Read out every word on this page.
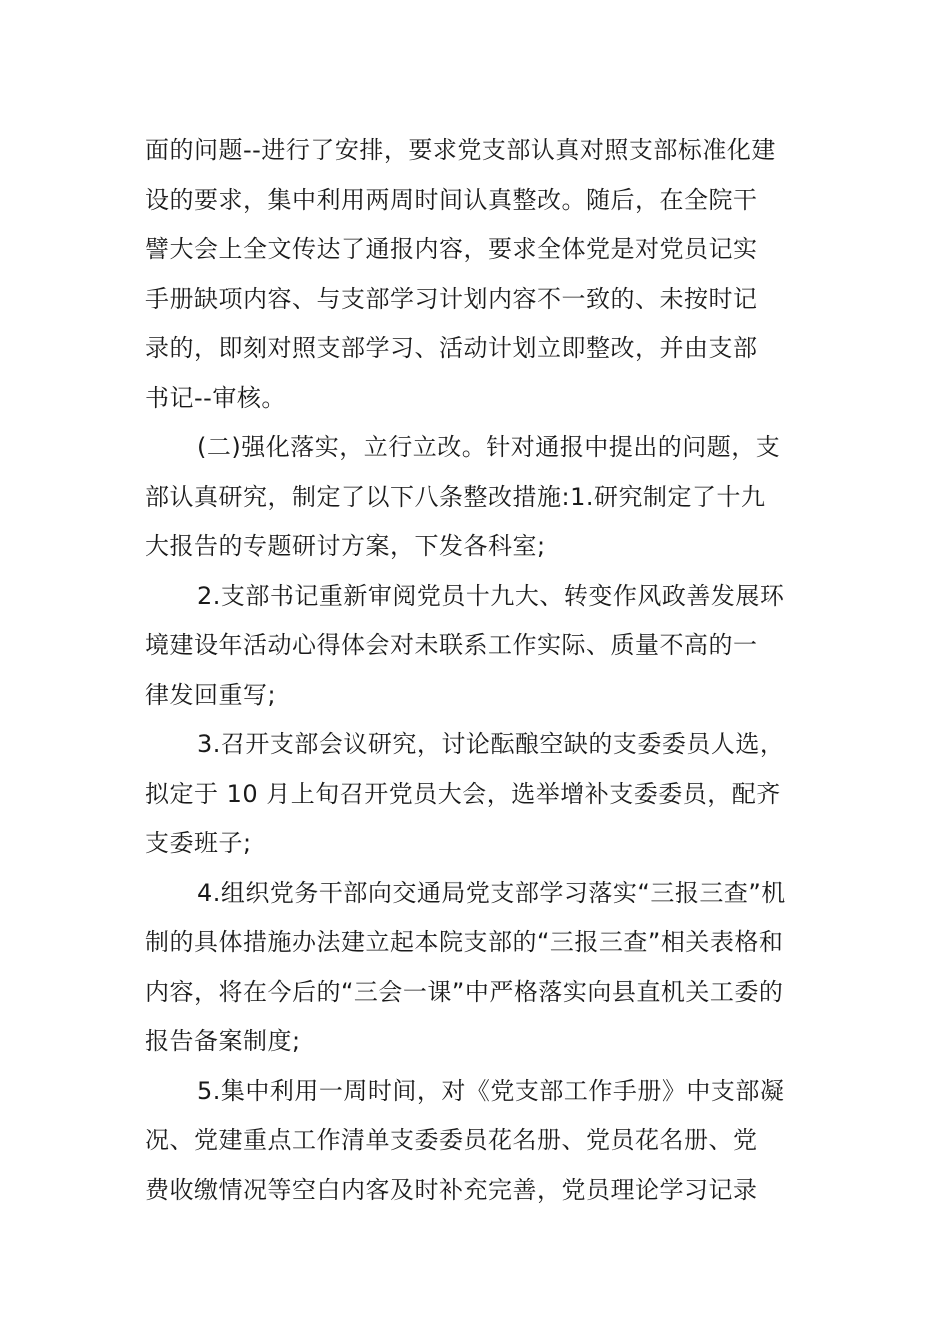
面的问题--进行了安排，要求党支部认真对照支部标准化建
设的要求，集中利用两周时间认真整改。随后，在全院干
譬大会上全文传达了通报内容，要求全体党是对党员记实
手册缺项内容、与支部学习计划内容不一致的、未按时记
录的，即刻对照支部学习、活动计划立即整改，并由支部
书记--审核。
(二)强化落实，立行立改。针对通报中提出的问题，支
部认真研究，制定了以下八条整改措施:1.研究制定了十九
大报告的专题研讨方案，下发各科室;
2.支部书记重新审阅党员十九大、转变作风政善发展环
境建设年活动心得体会对未联系工作实际、质量不高的一
律发回重写;
3.召开支部会议研究，讨论酝酿空缺的支委委员人选，
拟定于 10 月上旬召开党员大会，选举增补支委委员，配齐
支委班子;
4.组织党务干部向交通局党支部学习落实“三报三查”机
制的具体措施办法建立起本院支部的“三报三查”相关表格和
内容，将在今后的“三会一课”中严格落实向县直机关工委的
报告备案制度;
5.集中利用一周时间，对《党支部工作手册》中支部凝
况、党建重点工作清单支委委员花名册、党员花名册、党
费收缴情况等空白内客及时补充完善，党员理论学习记录
